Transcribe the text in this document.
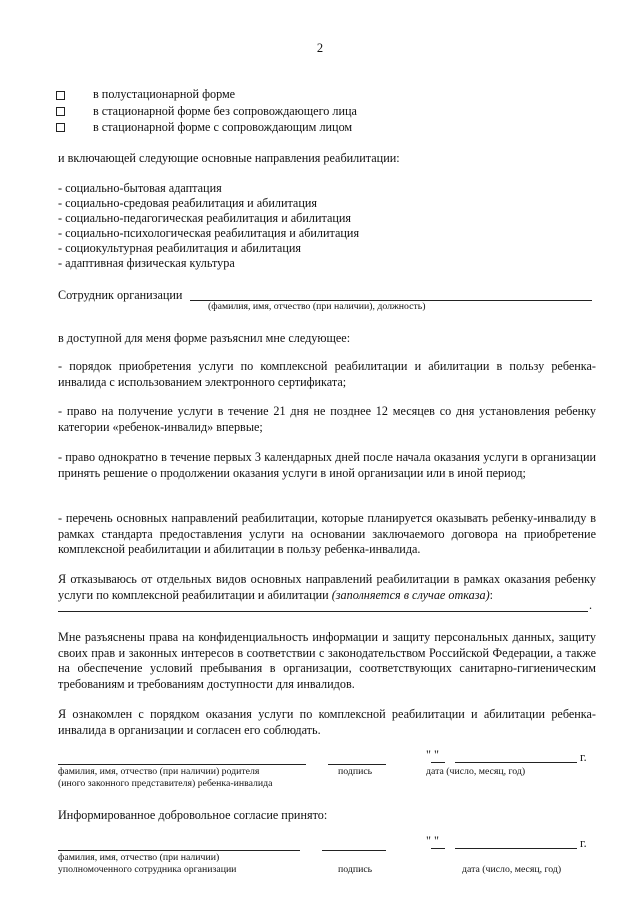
2
в полустационарной форме
в стационарной форме без сопровождающего лица
в стационарной форме с сопровождающим лицом
и включающей следующие основные направления реабилитации:
- социально-бытовая адаптация
- социально-средовая реабилитация и абилитация
- социально-педагогическая реабилитация и абилитация
- социально-психологическая реабилитация и абилитация
- социокультурная реабилитация и абилитация
- адаптивная физическая культура
Сотрудник организации
(фамилия, имя, отчество (при наличии), должность)
в доступной для меня форме разъяснил мне следующее:
- порядок приобретения услуги по комплексной реабилитации и абилитации в пользу ребенка-инвалида с использованием электронного сертификата;
- право на получение услуги в течение 21 дня не позднее 12 месяцев со дня установления ребенку категории «ребенок-инвалид» впервые;
- право однократно в течение первых 3 календарных дней после начала оказания услуги в организации принять решение о продолжении оказания услуги в иной организации или в иной период;
- перечень основных направлений реабилитации, которые планируется оказывать ребенку-инвалиду в рамках стандарта предоставления услуги на основании заключаемого договора на приобретение комплексной реабилитации и абилитации в пользу ребенка-инвалида.
Я отказываюсь от отдельных видов основных направлений реабилитации в рамках оказания ребенку услуги по комплексной реабилитации и абилитации (заполняется в случае отказа):
.
Мне разъяснены права на конфиденциальность информации и защиту персональных данных, защиту своих прав и законных интересов в соответствии с законодательством Российской Федерации, а также на обеспечение условий пребывания в организации, соответствующих санитарно-гигиеническим требованиям и требованиям доступности для инвалидов.
Я ознакомлен с порядком оказания услуги по комплексной реабилитации и абилитации ребенка-инвалида в организации и согласен его соблюдать.
" "	г.
фамилия, имя, отчество (при наличии) родителя
(иного законного представителя) ребенка-инвалида
подпись	дата (число, месяц, год)
Информированное добровольное согласие принято:
" "	г.
фамилия, имя, отчество (при наличии)
уполномоченного сотрудника организации	подпись	дата (число, месяц, год)
